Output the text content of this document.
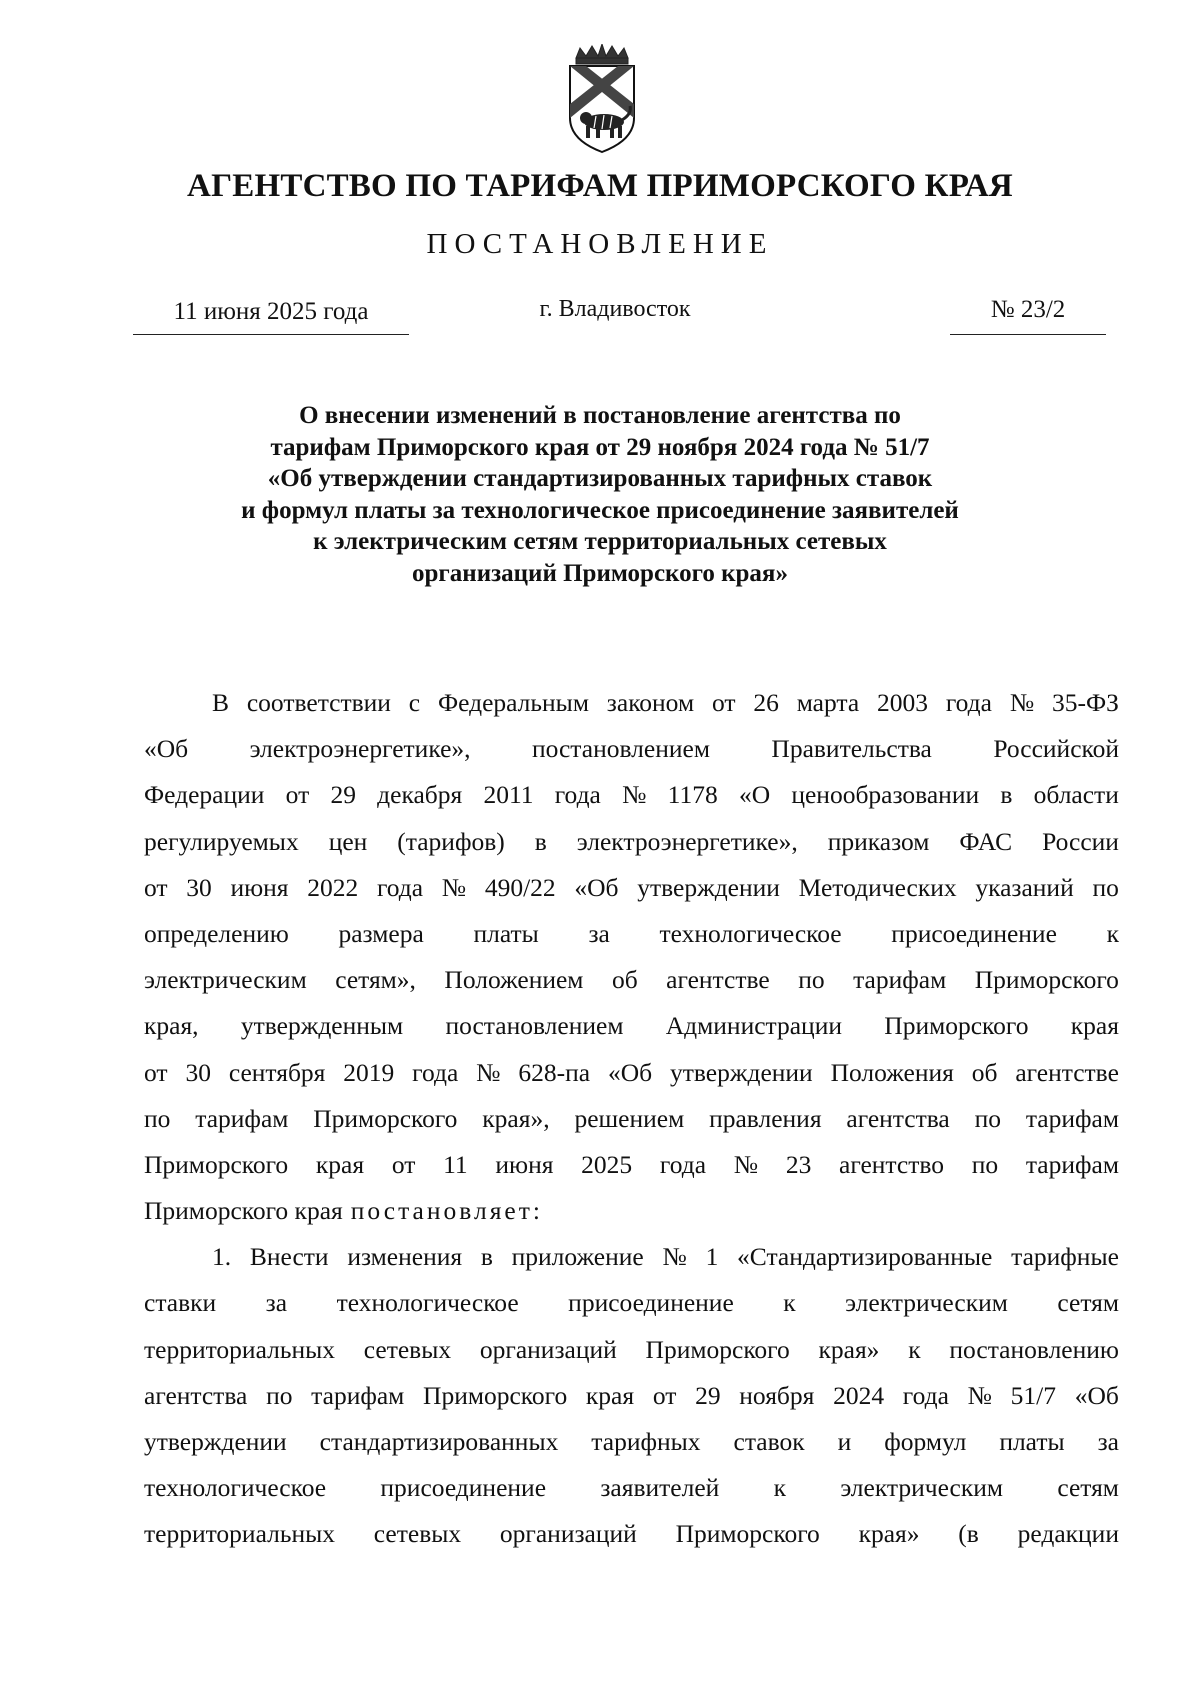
АГЕНТСТВО ПО ТАРИФАМ ПРИМОРСКОГО КРАЯ
ПОСТАНОВЛЕНИЕ
11 июня 2025 года	г. Владивосток	№ 23/2
О внесении изменений в постановление агентства по
тарифам Приморского края от 29 ноября 2024 года № 51/7
«Об утверждении стандартизированных тарифных ставок
и формул платы за технологическое присоединение заявителей
к электрическим сетям территориальных сетевых
организаций Приморского края»
В соответствии с Федеральным законом от 26 марта 2003 года № 35-ФЗ
«Об электроэнергетике», постановлением Правительства Российской
Федерации от 29 декабря 2011 года № 1178 «О ценообразовании в области
регулируемых цен (тарифов) в электроэнергетике», приказом ФАС России
от 30 июня 2022 года № 490/22 «Об утверждении Методических указаний по
определению размера платы за технологическое присоединение к
электрическим сетям», Положением об агентстве по тарифам Приморского
края, утвержденным постановлением Администрации Приморского края
от 30 сентября 2019 года № 628-па «Об утверждении Положения об агентстве
по тарифам Приморского края», решением правления агентства по тарифам
Приморского края от 11 июня 2025 года № 23 агентство по тарифам
Приморского края постановляет:
1. Внести изменения в приложение № 1 «Стандартизированные тарифные
ставки за технологическое присоединение к электрическим сетям
территориальных сетевых организаций Приморского края» к постановлению
агентства по тарифам Приморского края от 29 ноября 2024 года № 51/7 «Об
утверждении стандартизированных тарифных ставок и формул платы за
технологическое присоединение заявителей к электрическим сетям
территориальных сетевых организаций Приморского края» (в редакции
